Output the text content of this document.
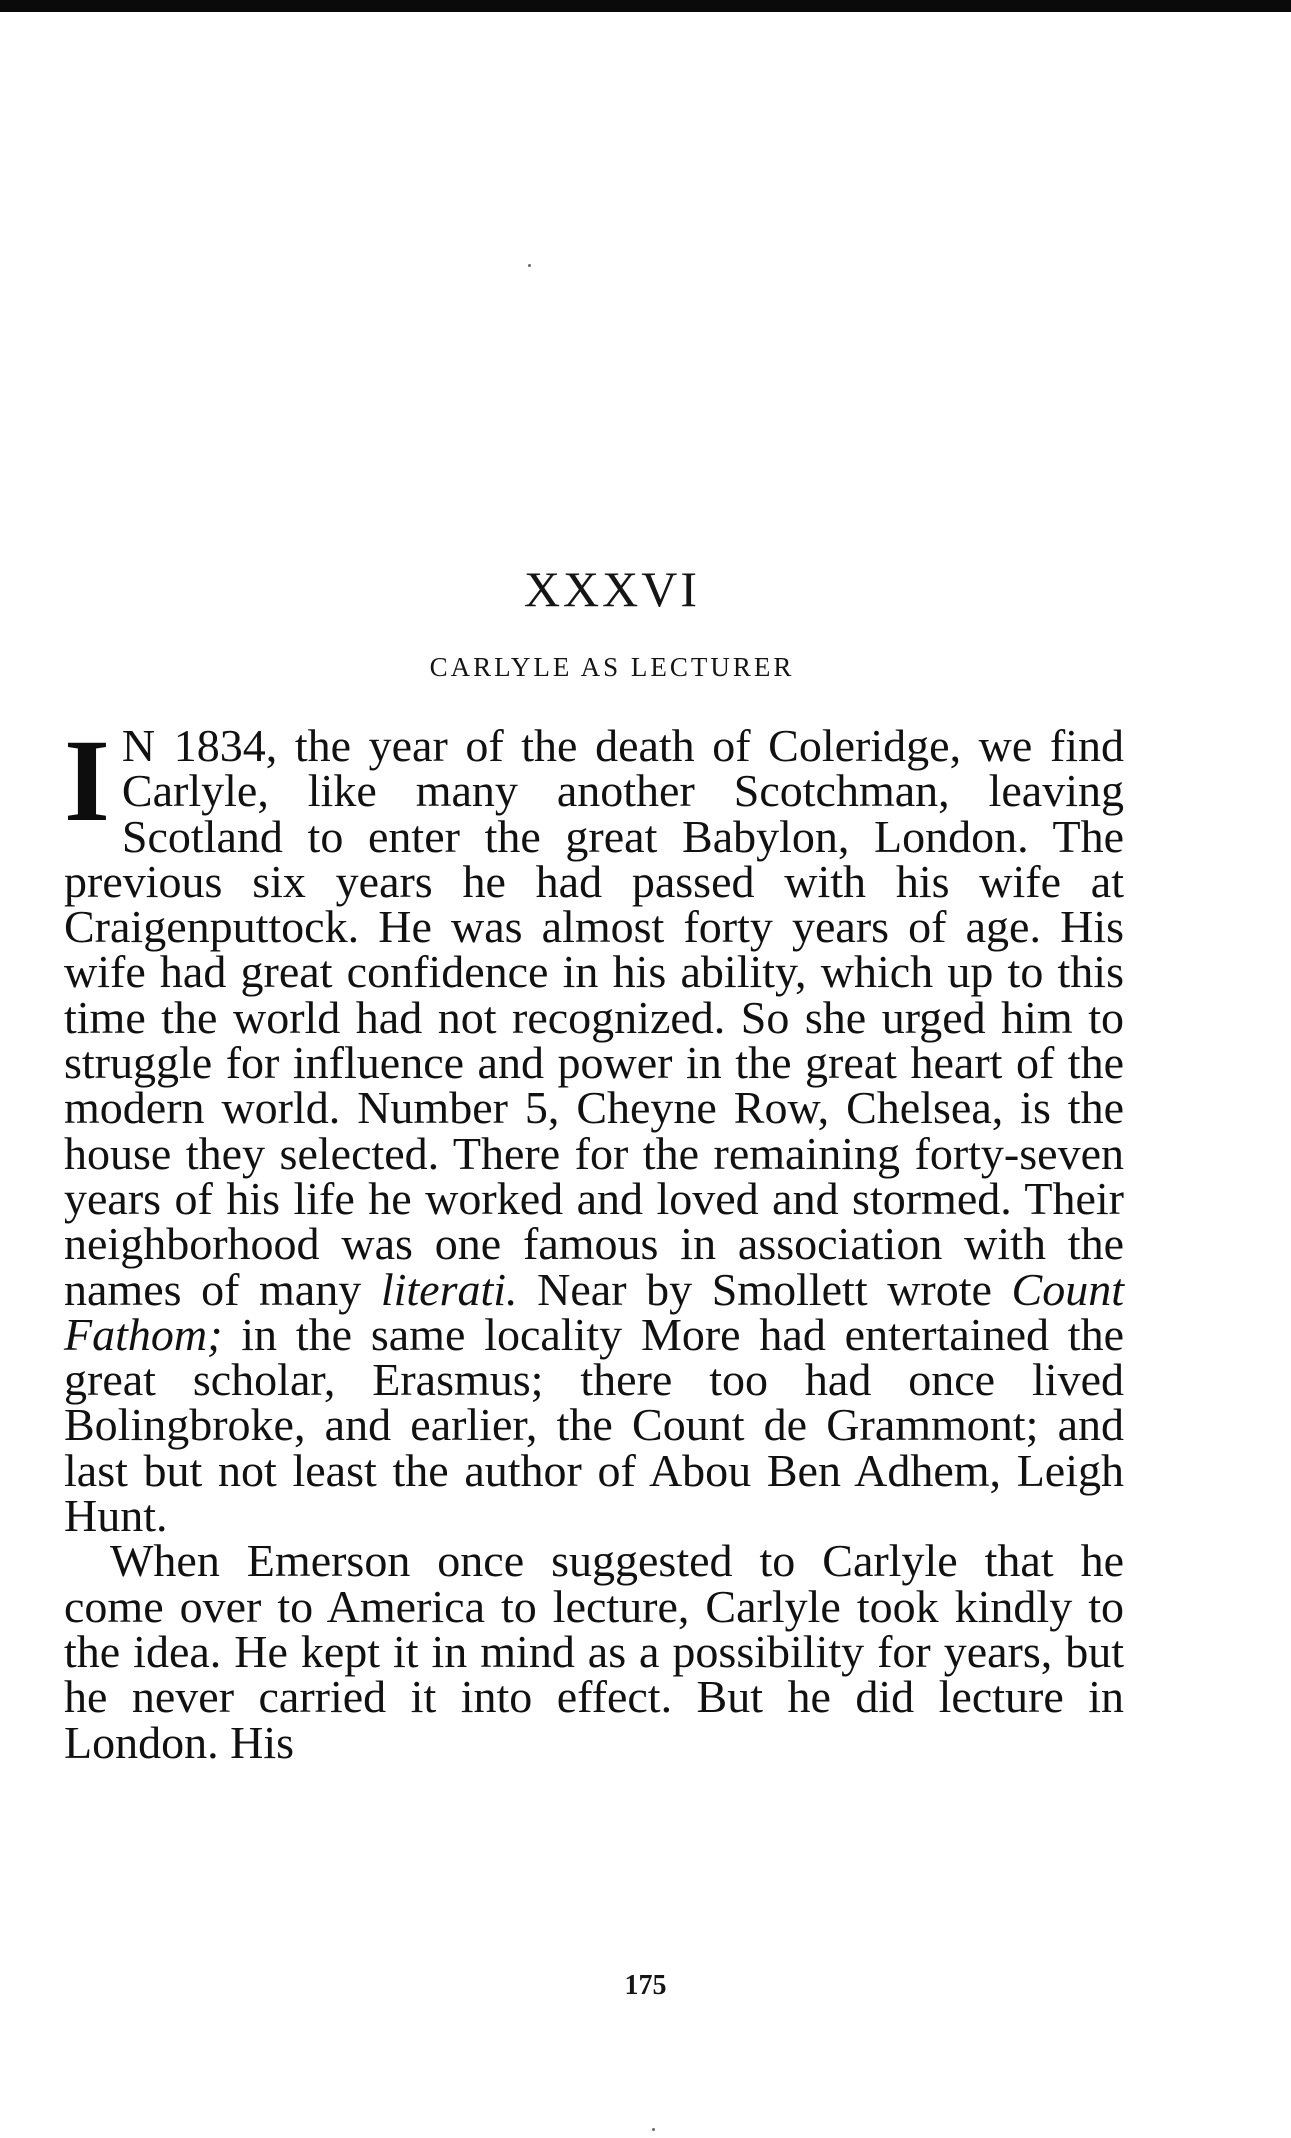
XXXVI
CARLYLE AS LECTURER

I N 1834, the year of the death of Coleridge, we find Carlyle, like many another Scotchman, leaving Scotland to enter the great Babylon, London. The previous six years he had passed with his wife at Craigenputtock. He was almost forty years of age. His wife had great confidence in his ability, which up to this time the world had not recognized. So she urged him to struggle for influence and power in the great heart of the modern world. Number 5, Cheyne Row, Chelsea, is the house they selected. There for the remaining forty-seven years of his life he worked and loved and stormed. Their neighborhood was one famous in association with the names of many literati. Near by Smollett wrote Count Fathom; in the same locality More had entertained the great scholar, Erasmus; there too had once lived Bolingbroke, and earlier, the Count de Grammont; and last but not least the author of Abou Ben Adhem, Leigh Hunt.

When Emerson once suggested to Carlyle that he come over to America to lecture, Carlyle took kindly to the idea. He kept it in mind as a possibility for years, but he never carried it into effect. But he did lecture in London. His

175
